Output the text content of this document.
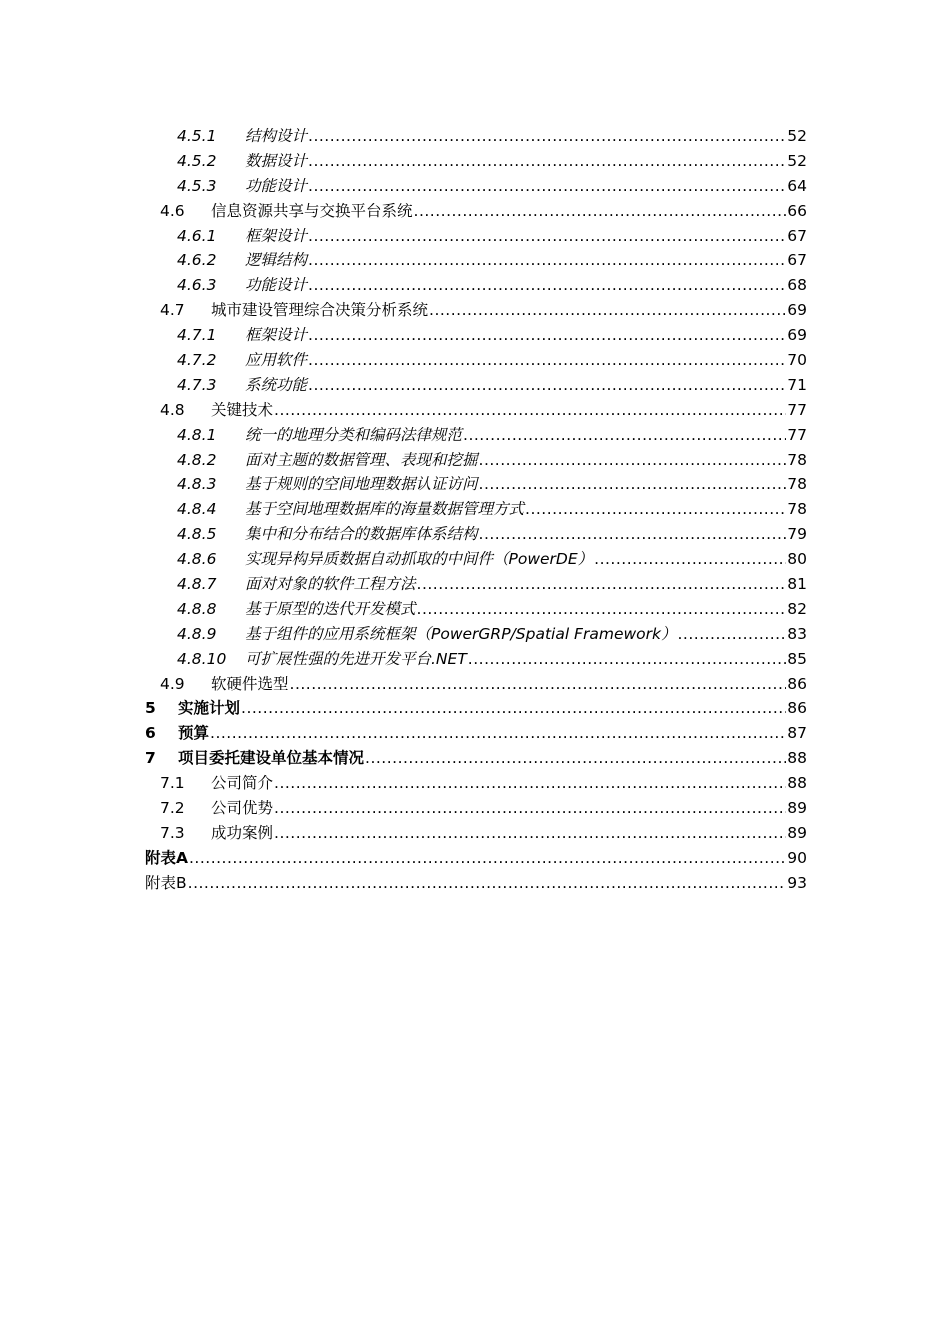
4.5.1	结构设计 .....	52
4.5.2	数据设计 .....	52
4.5.3	功能设计 .....	64
4.6	信息资源共享与交换平台系统 .....	66
4.6.1	框架设计 .....	67
4.6.2	逻辑结构 .....	67
4.6.3	功能设计 .....	68
4.7	城市建设管理综合决策分析系统 .....	69
4.7.1	框架设计 .....	69
4.7.2	应用软件 .....	70
4.7.3	系统功能 .....	71
4.8	关键技术 .....	77
4.8.1	统一的地理分类和编码法律规范 .....	77
4.8.2	面对主题的数据管理、表现和挖掘 .....	78
4.8.3	基于规则的空间地理数据认证访问 .....	78
4.8.4	基于空间地理数据库的海量数据管理方式 .....	78
4.8.5	集中和分布结合的数据库体系结构 .....	79
4.8.6	实现异构异质数据自动抓取的中间件（PowerDE） .....	80
4.8.7	面对对象的软件工程方法 .....	81
4.8.8	基于原型的迭代开发模式 .....	82
4.8.9	基于组件的应用系统框架（PowerGRP/Spatial Framework） .....	83
4.8.10	可扩展性强的先进开发平台.NET .....	85
4.9	软硬件选型 .....	86
5	实施计划 .....	86
6	预算 .....	87
7	项目委托建设单位基本情况 .....	88
7.1	公司简介 .....	88
7.2	公司优势 .....	89
7.3	成功案例 .....	89
附表A .....	90
附表B .....	93
